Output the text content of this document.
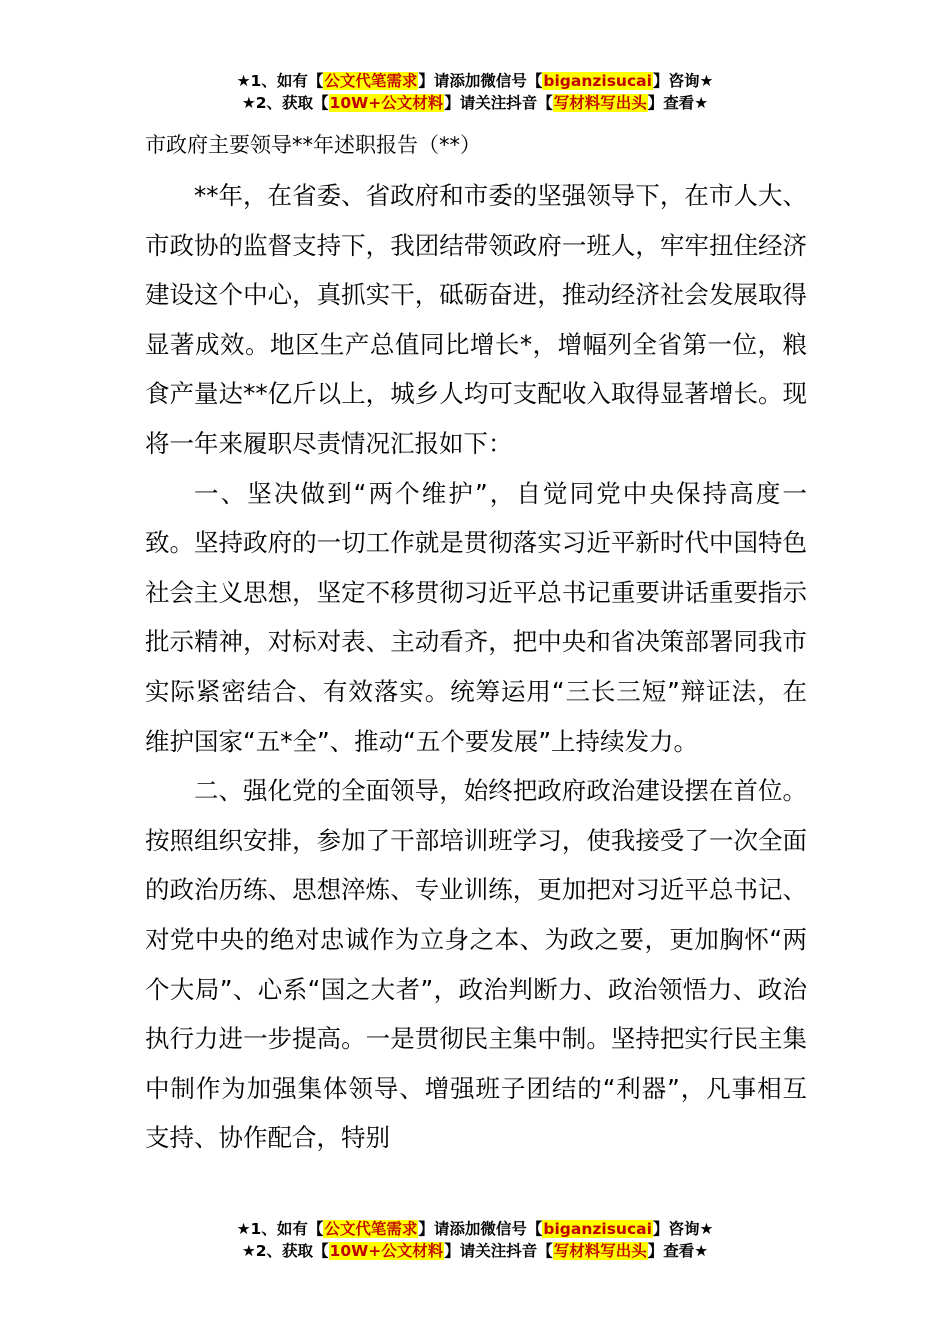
★1、如有【公文代笔需求】请添加微信号【biganzisucai】咨询★
★2、获取【10W+公文材料】请关注抖音【写材料写出头】查看★
市政府主要领导**年述职报告（**）

**年，在省委、省政府和市委的坚强领导下，在市人大、市政协的监督支持下，我团结带领政府一班人，牢牢扭住经济建设这个中心，真抓实干，砥砺奋进，推动经济社会发展取得显著成效。地区生产总值同比增长*，增幅列全省第一位，粮食产量达**亿斤以上，城乡人均可支配收入取得显著增长。现将一年来履职尽责情况汇报如下：

一、坚决做到“两个维护”，自觉同党中央保持高度一致。坚持政府的一切工作就是贯彻落实习近平新时代中国特色社会主义思想，坚定不移贯彻习近平总书记重要讲话重要指示批示精神，对标对表、主动看齐，把中央和省决策部署同我市实际紧密结合、有效落实。统筹运用“三长三短”辩证法，在维护国家“五*全”、推动“五个要发展”上持续发力。

二、强化党的全面领导，始终把政府政治建设摆在首位。按照组织安排，参加了干部培训班学习，使我接受了一次全面的政治历练、思想淬炼、专业训练，更加把对习近平总书记、对党中央的绝对忠诚作为立身之本、为政之要，更加胸怀“两个大局”、心系“国之大者”，政治判断力、政治领悟力、政治执行力进一步提高。一是贯彻民主集中制。坚持把实行民主集中制作为加强集体领导、增强班子团结的“利器”，凡事相互支持、协作配合，特别

★1、如有【公文代笔需求】请添加微信号【biganzisucai】咨询★
★2、获取【10W+公文材料】请关注抖音【写材料写出头】查看★
